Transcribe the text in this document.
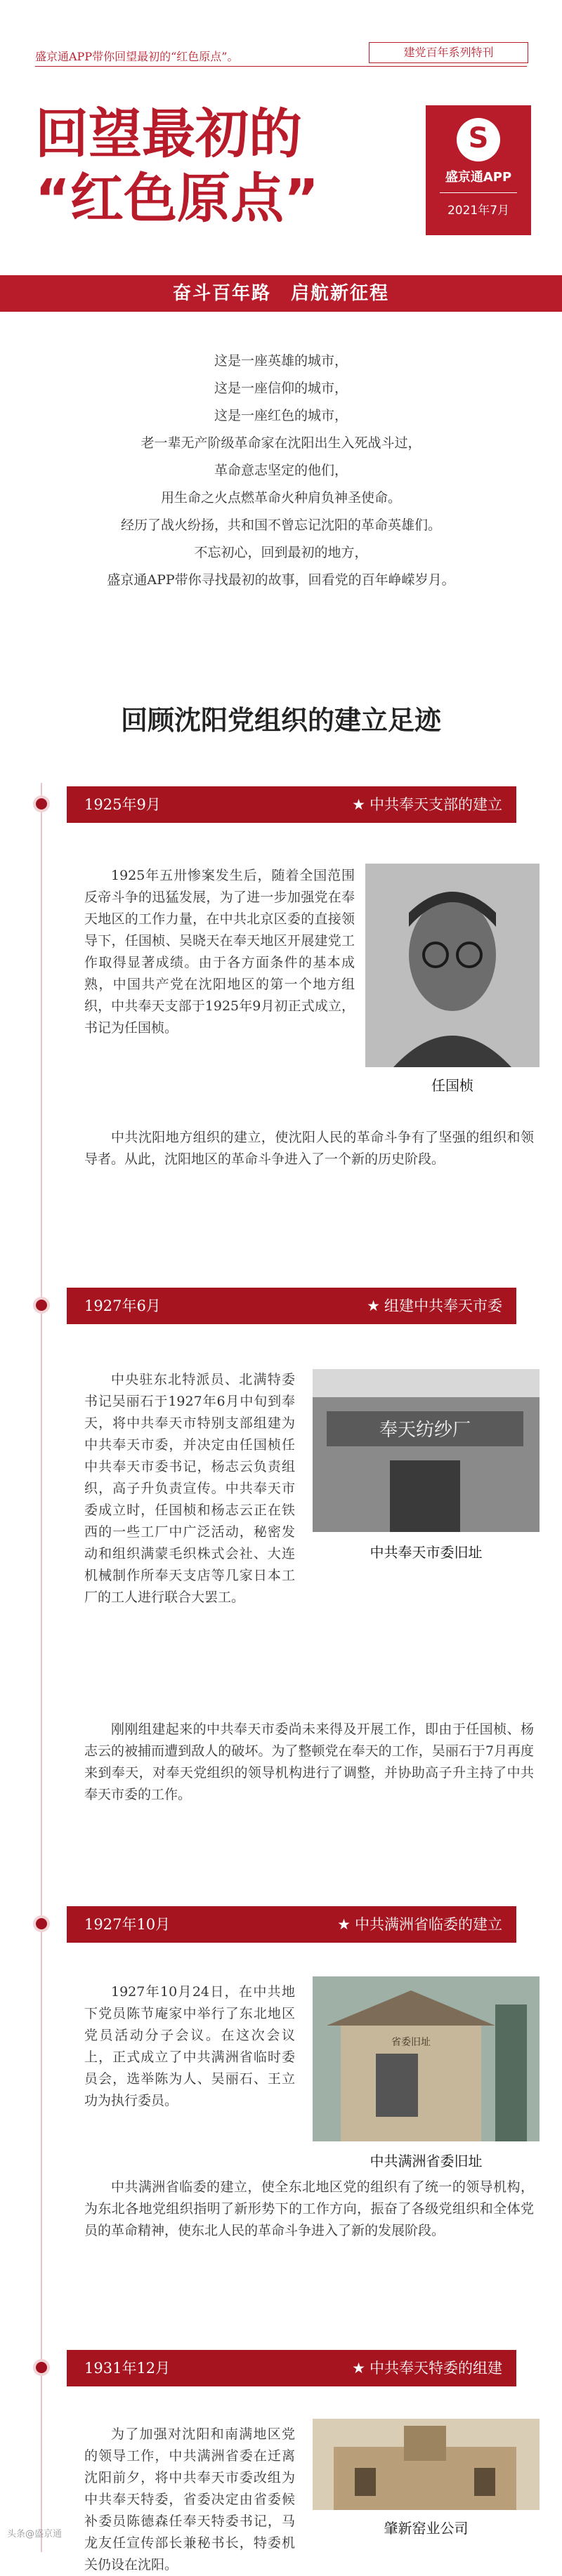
盛京通APP带你回望最初的“红色原点”。	建党百年系列特刊
回望最初的
“红色原点”
S
盛京通APP
2021年7月
奋斗百年路　启航新征程
这是一座英雄的城市，
这是一座信仰的城市，
这是一座红色的城市，
老一辈无产阶级革命家在沈阳出生入死战斗过，
革命意志坚定的他们，
用生命之火点燃革命火种肩负神圣使命。
经历了战火纷扬，共和国不曾忘记沈阳的革命英雄们。
不忘初心，回到最初的地方，
盛京通APP带你寻找最初的故事，回看党的百年峥嵘岁月。
回顾沈阳党组织的建立足迹
1925年9月	★ 中共奉天支部的建立

1925年五卅惨案发生后，随着全国范围反帝斗争的迅猛发展，为了进一步加强党在奉天地区的工作力量，在中共北京区委的直接领导下，任国桢、吴晓天在奉天地区开展建党工作取得显著成绩。由于各方面条件的基本成熟，中国共产党在沈阳地区的第一个地方组织，中共奉天支部于1925年9月初正式成立，书记为任国桢。

中共沈阳地方组织的建立，使沈阳人民的革命斗争有了坚强的组织和领导者。从此，沈阳地区的革命斗争进入了一个新的历史阶段。

任国桢
1927年6月	★ 组建中共奉天市委

中央驻东北特派员、北满特委书记吴丽石于1927年6月中旬到奉天，将中共奉天市特别支部组建为中共奉天市委，并决定由任国桢任中共奉天市委书记，杨志云负责组织，高子升负责宣传。中共奉天市委成立时，任国桢和杨志云正在铁西的一些工厂中广泛活动，秘密发动和组织满蒙毛织株式会社、大连机械制作所奉天支店等几家日本工厂的工人进行联合大罢工。

奉天纺纱厂
中共奉天市委旧址

刚刚组建起来的中共奉天市委尚未来得及开展工作，即由于任国桢、杨志云的被捕而遭到敌人的破坏。为了整顿党在奉天的工作，吴丽石于7月再度来到奉天，对奉天党组织的领导机构进行了调整，并协助高子升主持了中共奉天市委的工作。

1927年10月	★ 中共满洲省临委的建立

1927年10月24日，在中共地下党员陈节庵家中举行了东北地区党员活动分子会议。在这次会议上，正式成立了中共满洲省临时委员会，选举陈为人、吴丽石、王立功为执行委员。

省委旧址
中共满洲省委旧址

中共满洲省临委的建立，使全东北地区党的组织有了统一的领导机构，为东北各地党组织指明了新形势下的工作方向，振奋了各级党组织和全体党员的革命精神，使东北人民的革命斗争进入了新的发展阶段。

1931年12月	★ 中共奉天特委的组建

为了加强对沈阳和南满地区党的领导工作，中共满洲省委在迁离沈阳前夕，将中共奉天市委改组为中共奉天特委，省委决定由省委候补委员陈德森任奉天特委书记，马龙友任宣传部长兼秘书长，特委机关仍设在沈阳。

肇新窑业公司
头条@盛京通
